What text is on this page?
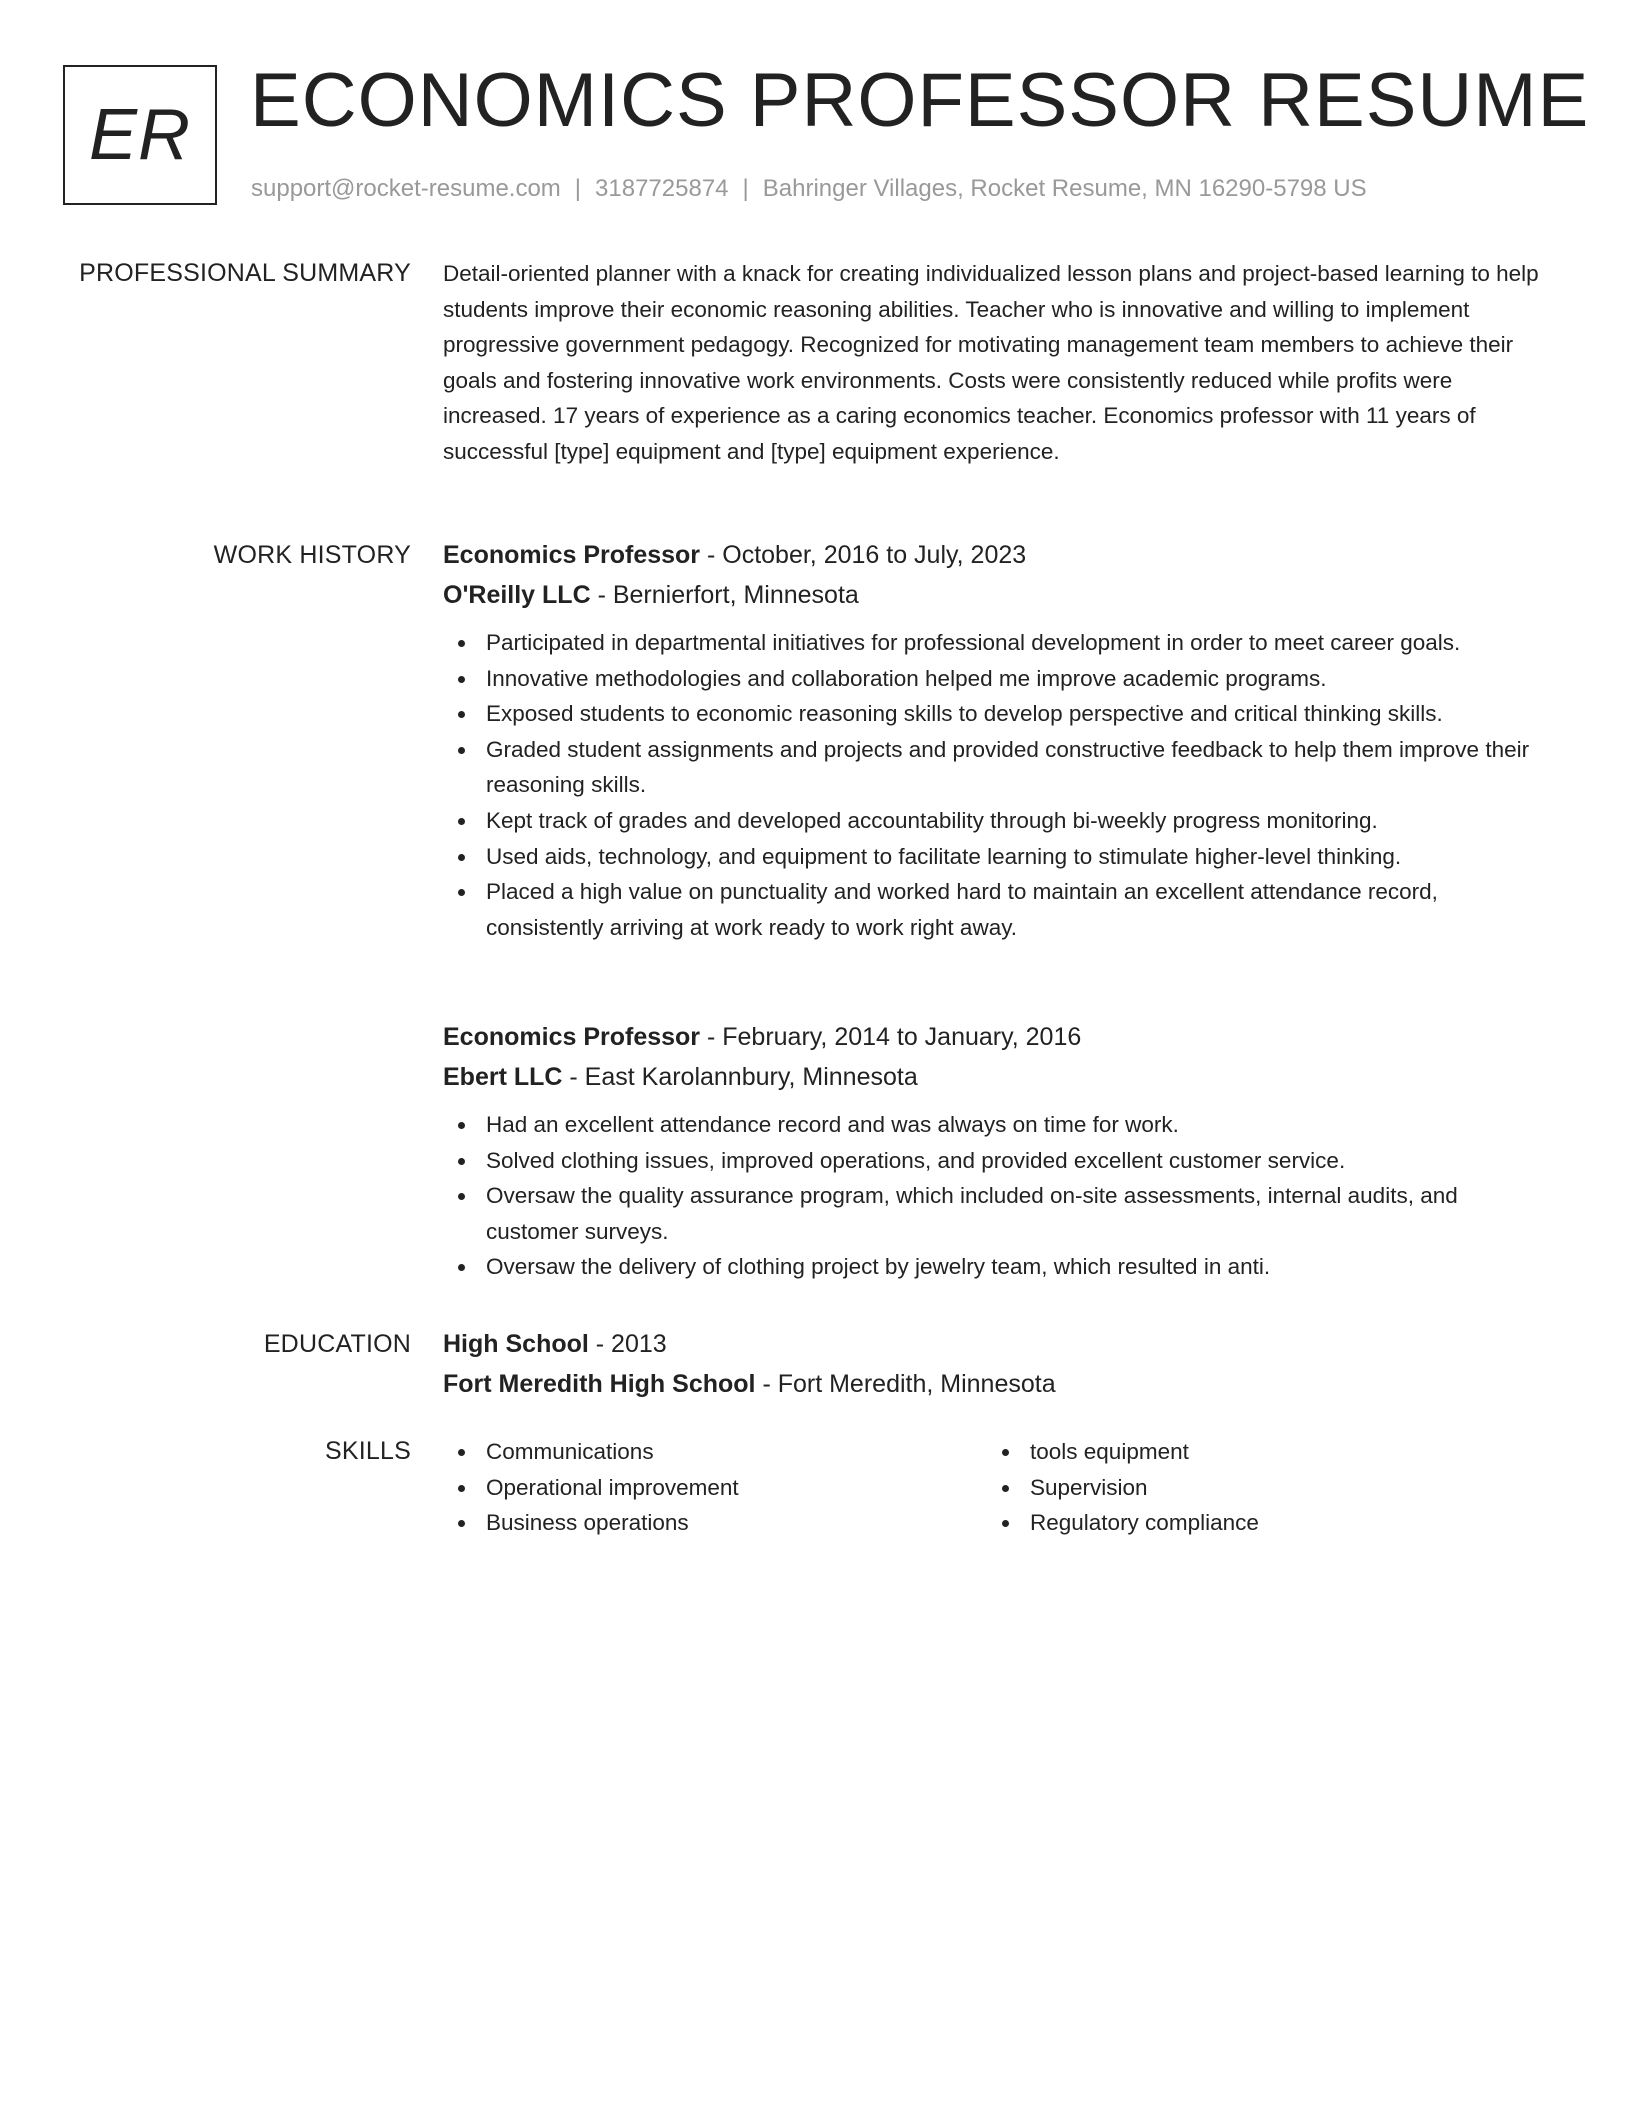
ER ECONOMICS PROFESSOR RESUME
support@rocket-resume.com | 3187725874 | Bahringer Villages, Rocket Resume, MN 16290-5798 US
PROFESSIONAL SUMMARY Detail-oriented planner with a knack for creating individualized lesson plans and project-based learning to help students improve their economic reasoning abilities. Teacher who is innovative and willing to implement progressive government pedagogy. Recognized for motivating management team members to achieve their goals and fostering innovative work environments. Costs were consistently reduced while profits were increased. 17 years of experience as a caring economics teacher. Economics professor with 11 years of successful [type] equipment and [type] equipment experience.

WORK HISTORY Economics Professor - October, 2016 to July, 2023

O'Reilly LLC - Bernierfort, Minnesota

Participated in departmental initiatives for professional development in order to meet career goals.
Innovative methodologies and collaboration helped me improve academic programs.
Exposed students to economic reasoning skills to develop perspective and critical thinking skills.
Graded student assignments and projects and provided constructive feedback to help them improve their reasoning skills.
Kept track of grades and developed accountability through bi-weekly progress monitoring.
Used aids, technology, and equipment to facilitate learning to stimulate higher-level thinking.
Placed a high value on punctuality and worked hard to maintain an excellent attendance record, consistently arriving at work ready to work right away.

Economics Professor - February, 2014 to January, 2016

Ebert LLC - East Karolannbury, Minnesota

Had an excellent attendance record and was always on time for work.
Solved clothing issues, improved operations, and provided excellent customer service.
Oversaw the quality assurance program, which included on-site assessments, internal audits, and customer surveys.
Oversaw the delivery of clothing project by jewelry team, which resulted in anti.
EDUCATION High School - 2013

Fort Meredith High School - Fort Meredith, Minnesota

SKILLS	Communications
Operational improvement
Business operations
tools equipment
Supervision
Regulatory compliance
